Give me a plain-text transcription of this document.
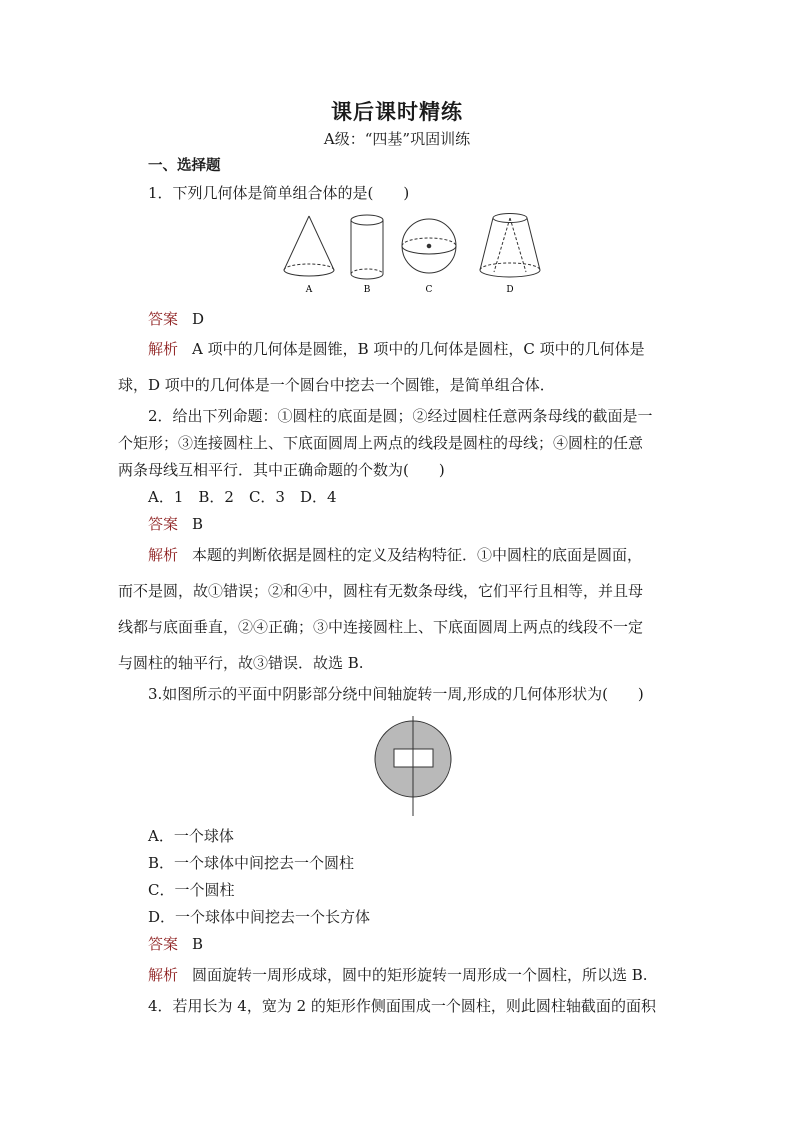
课后课时精练
A级：“四基”巩固训练
一、选择题
1．下列几何体是简单组合体的是(　　)
A	B	C	D
答案 D
解析 A 项中的几何体是圆锥，B 项中的几何体是圆柱，C 项中的几何体是
球，D 项中的几何体是一个圆台中挖去一个圆锥，是简单组合体．
2．给出下列命题：①圆柱的底面是圆；②经过圆柱任意两条母线的截面是一
个矩形；③连接圆柱上、下底面圆周上两点的线段是圆柱的母线；④圆柱的任意
两条母线互相平行．其中正确命题的个数为(　　)
A．1　B．2　C．3　D．4
答案 B
解析 本题的判断依据是圆柱的定义及结构特征．①中圆柱的底面是圆面，
而不是圆，故①错误；②和④中，圆柱有无数条母线，它们平行且相等，并且母
线都与底面垂直，②④正确；③中连接圆柱上、下底面圆周上两点的线段不一定
与圆柱的轴平行，故③错误．故选 B.
3.如图所示的平面中阴影部分绕中间轴旋转一周,形成的几何体形状为(　　)
A．一个球体
B．一个球体中间挖去一个圆柱
C．一个圆柱
D．一个球体中间挖去一个长方体
答案 B
解析 圆面旋转一周形成球，圆中的矩形旋转一周形成一个圆柱，所以选 B.
4．若用长为 4，宽为 2 的矩形作侧面围成一个圆柱，则此圆柱轴截面的面积
